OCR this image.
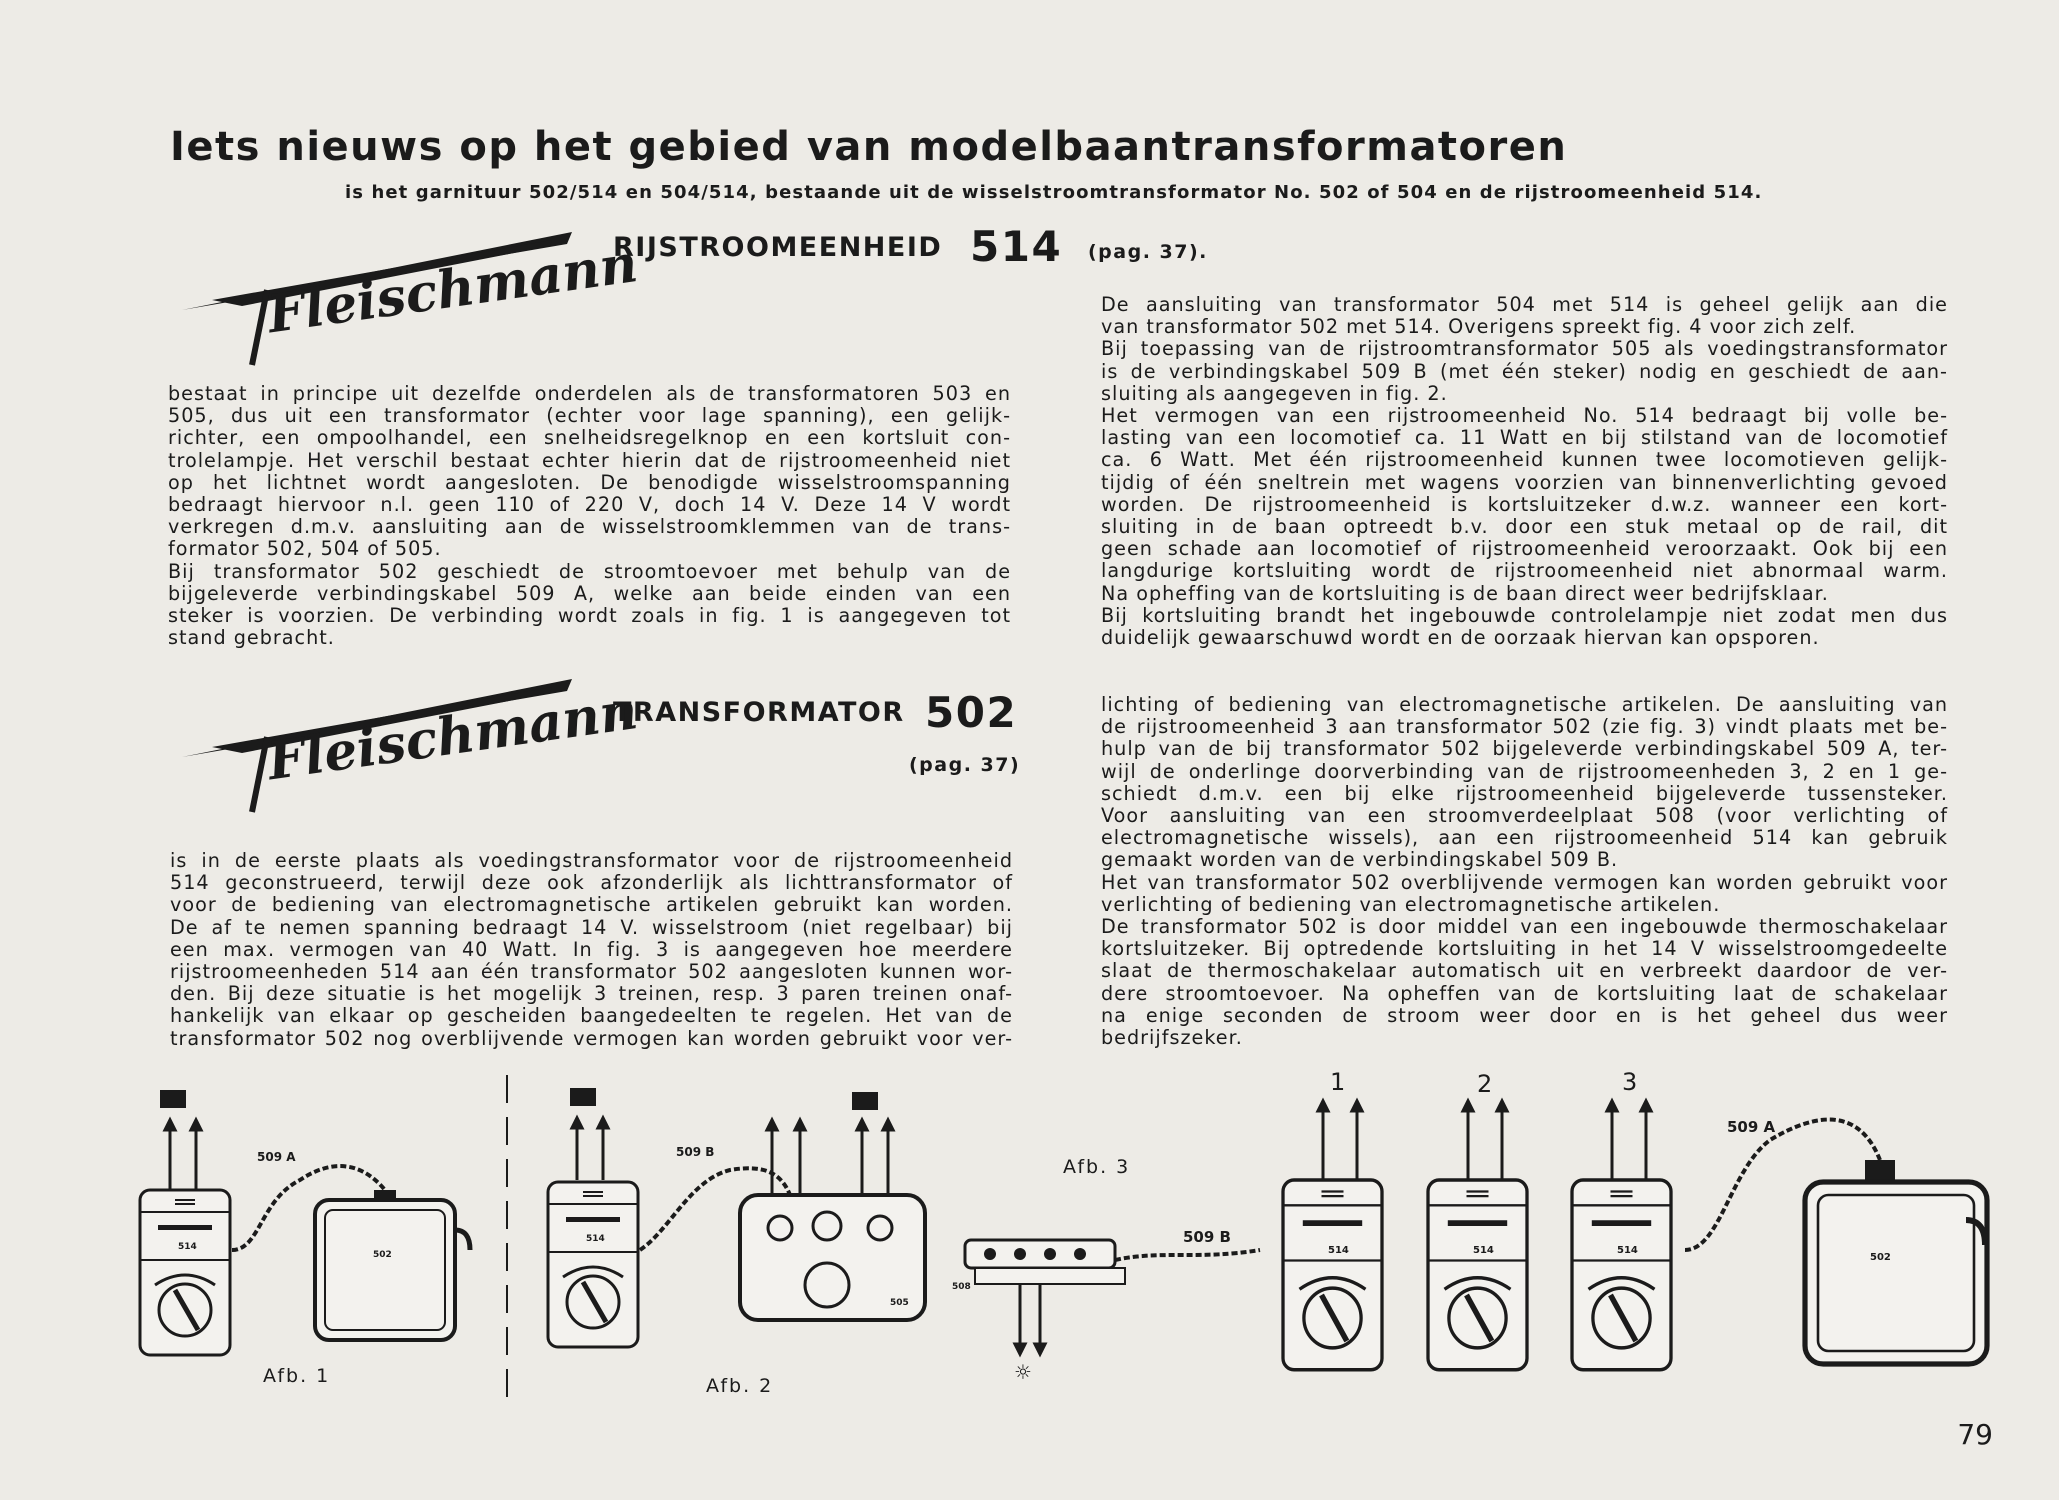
Iets nieuws op het gebied van modelbaantransformatoren
is het garnituur 502/514 en 504/514, bestaande uit de wisselstroomtransformator No. 502 of 504 en de rijstroomeenheid 514.
Fleischmann
RIJSTROOMEENHEID 514 (pag. 37).
bestaat in principe uit dezelfde onderdelen als de transformatoren 503 en
505, dus uit een transformator (echter voor lage spanning), een gelijk-
richter, een ompoolhandel, een snelheidsregelknop en een kortsluit con-
trolelampje. Het verschil bestaat echter hierin dat de rijstroomeenheid niet
op het lichtnet wordt aangesloten. De benodigde wisselstroomspanning
bedraagt hiervoor n.l. geen 110 of 220 V, doch 14 V. Deze 14 V wordt
verkregen d.m.v. aansluiting aan de wisselstroomklemmen van de trans-
formator 502, 504 of 505.
Bij transformator 502 geschiedt de stroomtoevoer met behulp van de
bijgeleverde verbindingskabel 509 A, welke aan beide einden van een
steker is voorzien. De verbinding wordt zoals in fig. 1 is aangegeven tot
stand gebracht.
De aansluiting van transformator 504 met 514 is geheel gelijk aan die
van transformator 502 met 514. Overigens spreekt fig. 4 voor zich zelf.
Bij toepassing van de rijstroomtransformator 505 als voedingstransformator
is de verbindingskabel 509 B (met één steker) nodig en geschiedt de aan-
sluiting als aangegeven in fig. 2.
Het vermogen van een rijstroomeenheid No. 514 bedraagt bij volle be-
lasting van een locomotief ca. 11 Watt en bij stilstand van de locomotief
ca. 6 Watt. Met één rijstroomeenheid kunnen twee locomotieven gelijk-
tijdig of één sneltrein met wagens voorzien van binnenverlichting gevoed
worden. De rijstroomeenheid is kortsluitzeker d.w.z. wanneer een kort-
sluiting in de baan optreedt b.v. door een stuk metaal op de rail, dit
geen schade aan locomotief of rijstroomeenheid veroorzaakt. Ook bij een
langdurige kortsluiting wordt de rijstroomeenheid niet abnormaal warm.
Na opheffing van de kortsluiting is de baan direct weer bedrijfsklaar.
Bij kortsluiting brandt het ingebouwde controlelampje niet zodat men dus
duidelijk gewaarschuwd wordt en de oorzaak hiervan kan opsporen.
Fleischmann
TRANSFORMATOR 502
(pag. 37)
is in de eerste plaats als voedingstransformator voor de rijstroomeenheid
514 geconstrueerd, terwijl deze ook afzonderlijk als lichttransformator of
voor de bediening van electromagnetische artikelen gebruikt kan worden.
De af te nemen spanning bedraagt 14 V. wisselstroom (niet regelbaar) bij
een max. vermogen van 40 Watt. In fig. 3 is aangegeven hoe meerdere
rijstroomeenheden 514 aan één transformator 502 aangesloten kunnen wor-
den. Bij deze situatie is het mogelijk 3 treinen, resp. 3 paren treinen onaf-
hankelijk van elkaar op gescheiden baangedeelten te regelen. Het van de
transformator 502 nog overblijvende vermogen kan worden gebruikt voor ver-
lichting of bediening van electromagnetische artikelen. De aansluiting van
de rijstroomeenheid 3 aan transformator 502 (zie fig. 3) vindt plaats met be-
hulp van de bij transformator 502 bijgeleverde verbindingskabel 509 A, ter-
wijl de onderlinge doorverbinding van de rijstroomeenheden 3, 2 en 1 ge-
schiedt d.m.v. een bij elke rijstroomeenheid bijgeleverde tussensteker.
Voor aansluiting van een stroomverdeelplaat 508 (voor verlichting of
electromagnetische wissels), aan een rijstroomeenheid 514 kan gebruik
gemaakt worden van de verbindingskabel 509 B.
Het van transformator 502 overblijvende vermogen kan worden gebruikt voor
verlichting of bediening van electromagnetische artikelen.
De transformator 502 is door middel van een ingebouwde thermoschakelaar
kortsluitzeker. Bij optredende kortsluiting in het 14 V wisselstroomgedeelte
slaat de thermoschakelaar automatisch uit en verbreekt daardoor de ver-
dere stroomtoevoer. Na opheffen van de kortsluiting laat de schakelaar
na enige seconden de stroom weer door en is het geheel dus weer
bedrijfszeker.
Afb. 1	Afb. 2
Afb. 3
509 A	509 B
509 B
509 A
514
514
514	514	514
502	502
505
508
1	2	3
☼
79
